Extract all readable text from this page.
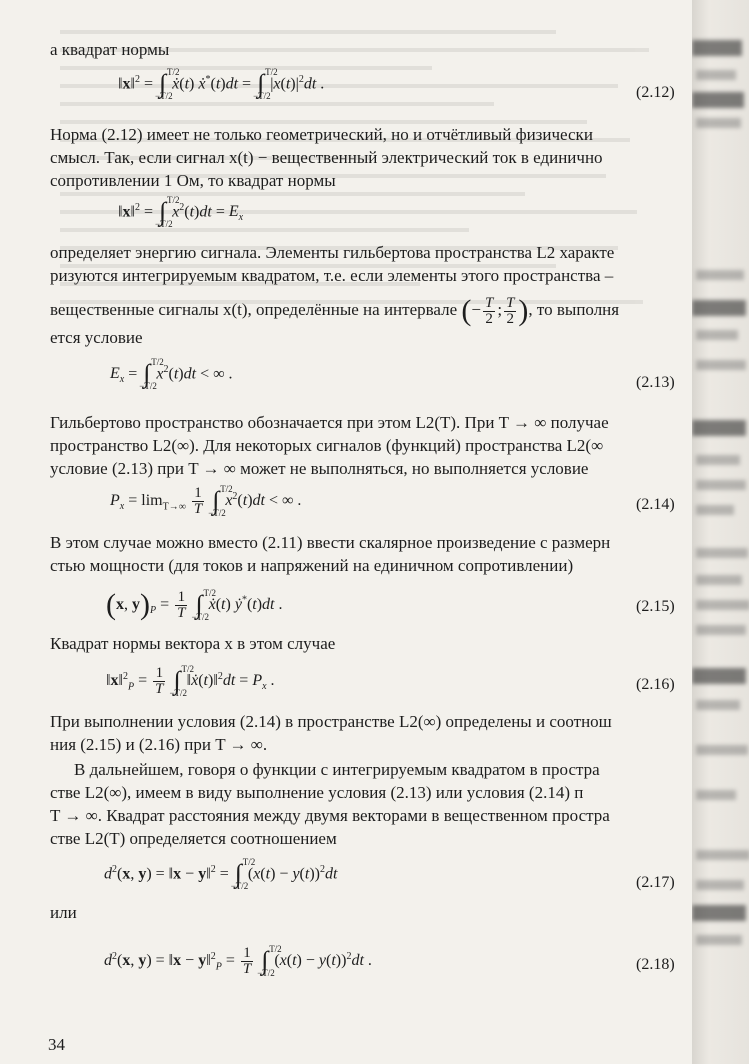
а квадрат нормы
‖x‖$^2$ = ∫ T/2
−T/2
ẋ(t) ẋ*(t)dt = ∫ T/2
−T/2
$|x(t)|^2dt$ .
(2.12)
Норма (2.12) имеет не только геометрический, но и отчётливый физически
смысл. Так, если сигнал x(t) − вещественный электрический ток в единично
сопротивлении 1 Ом, то квадрат нормы
‖x‖$^2$ = ∫ T/2
−T/2
$x^2(t)dt = E_x$
определяет энергию сигнала. Элементы гильбертова пространства L2 характе
ризуются интегрируемым квадратом, т.е. если элементы этого пространства –
вещественные сигналы x(t), определённые на интервале (− $\frac{T}{2}$ ; $\frac{T}{2}$ ), то выполня
ется условие
$E_x$ = ∫ T/2
−T/2
$x^2(t)dt$ < ∞ .
(2.13)
Гильбертово пространство обозначается при этом L2(T). При T → ∞ получае
пространство L2(∞). Для некоторых сигналов (функций) пространства L2(∞
условие (2.13) при T → ∞ может не выполняться, но выполняется условие
$P_x = \lim_{T\to\infty} \frac{1}{T}$ ∫ T/2
−T/2
$x^2(t)dt$ < ∞ .	(2.14)
В этом случае можно вместо (2.11) ввести скалярное произведение с размерн
стью мощности (для токов и напряжений на единичном сопротивлении)
(x, $y)_P = \frac{1}{T}$ ∫ T/2
−T/2
ẋ(t) ẏ*(t)dt .	(2.15)
Квадрат нормы вектора x в этом случае
‖x‖$^2_P$ = $\frac{1}{T}$ ∫ T/2
−T/2
‖ẋ(t)‖$^2$dt = $P_x$ .	(2.16)
При выполнении условия (2.14) в пространстве L2(∞) определены и соотнош
ния (2.15) и (2.16) при T → ∞.
В дальнейшем, говоря о функции с интегрируемым квадратом в простра
стве L2(∞), имеем в виду выполнение условия (2.13) или условия (2.14) п
T → ∞. Квадрат расстояния между двумя векторами в вещественном простра
стве L2(T) определяется соотношением
$d^2(x$, y) = ‖x − y‖$^2$ = ∫ T/2
−T/2
$(x(t) - y(t))^2dt$
(2.17)
или
$d^2(x$, y) = ‖x − y‖$^2_P$ = $\frac{1}{T}$ ∫ T/2
−T/2
$(x(t) - y(t))^2dt$ .	(2.18)
34
